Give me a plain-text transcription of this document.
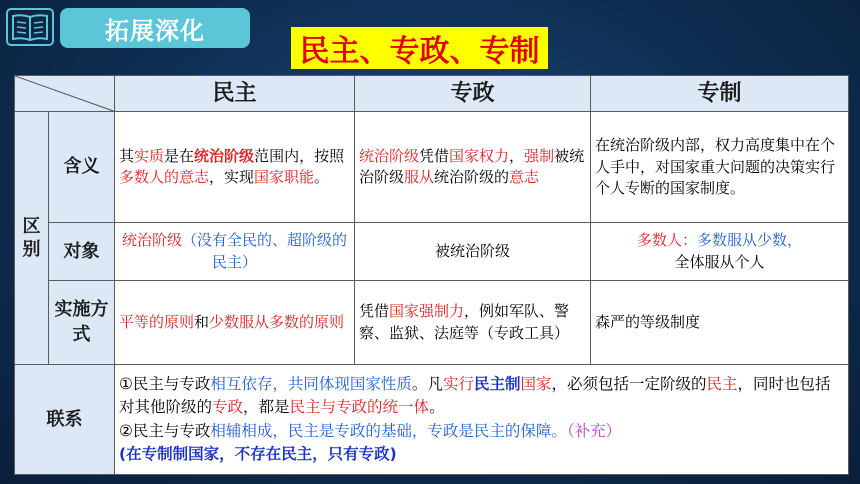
拓展深化
民主、专政、专制
	民主	专政	专制
区
别	含义	其实质是在统治阶级范围内，按照多数人的意志，实现国家职能。	统治阶级凭借国家权力，强制被统治阶级服从统治阶级的意志	在统治阶级内部，权力高度集中在个人手中，对国家重大问题的决策实行个人专断的国家制度。
	对象	统治阶级（没有全民的、超阶级的民主）	被统治阶级	多数人：多数服从少数，
全体服从个人
	实施方式	平等的原则和少数服从多数的原则	凭借国家强制力，例如军队、警察、监狱、法庭等（专政工具）	森严的等级制度
联系		①民主与专政相互依存，共同体现国家性质。凡实行民主制国家，必须包括一定阶级的民主，同时也包括对其他阶级的专政，都是民主与专政的统一体。
②民主与专政相辅相成，民主是专政的基础，专政是民主的保障。（补充）
(在专制制国家，不存在民主，只有专政)		
